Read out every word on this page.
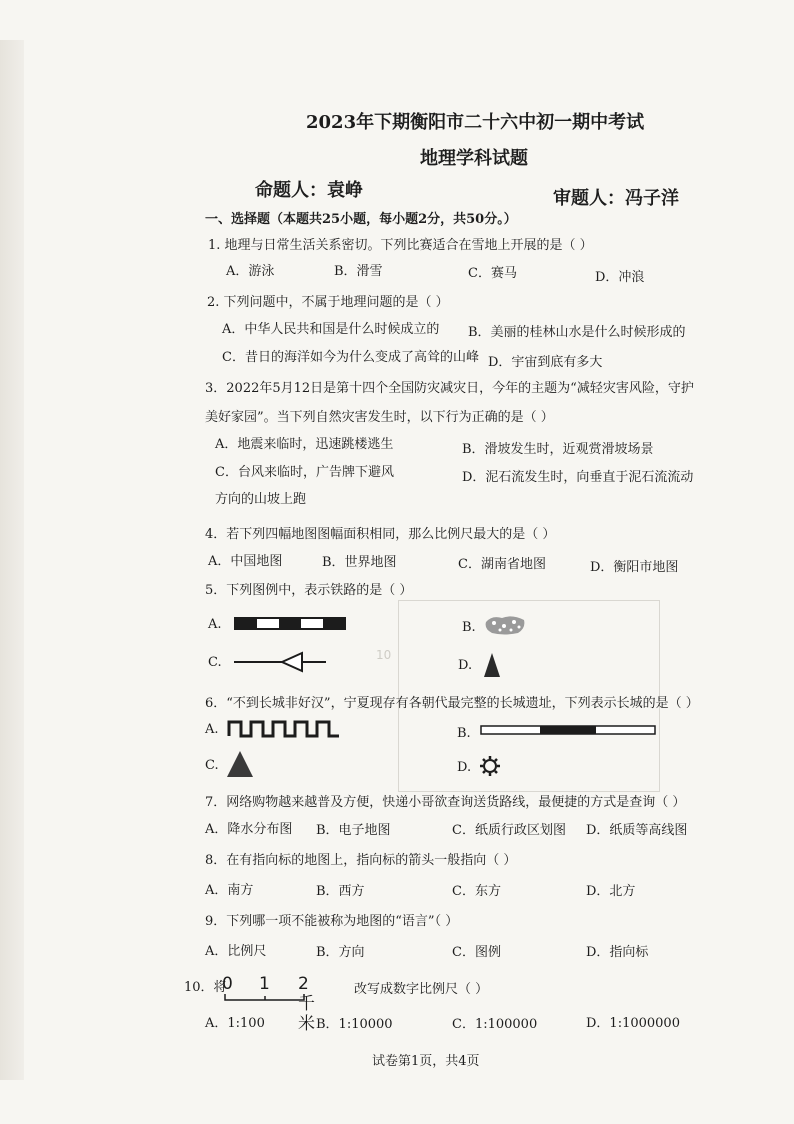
10
2023年下期衡阳市二十六中初一期中考试
地理学科试题
命题人：袁峥	审题人：冯子洋
一、选择题（本题共25小题，每小题2分，共50分。）
1. 地理与日常生活关系密切。下列比赛适合在雪地上开展的是（ ）
A．游泳	B．滑雪	C．赛马	D．冲浪
2. 下列问题中，不属于地理问题的是（ ）
A．中华人民共和国是什么时候成立的 B．美丽的桂林山水是什么时候形成的
C．昔日的海洋如今为什么变成了高耸的山峰 D．宇宙到底有多大
3．2022年5月12日是第十四个全国防灾减灾日，今年的主题为“减轻灾害风险，守护
美好家园”。当下列自然灾害发生时，以下行为正确的是（ ）
A．地震来临时，迅速跳楼逃生	B．滑坡发生时，近观赏滑坡场景
C．台风来临时，广告牌下避风	D．泥石流发生时，向垂直于泥石流流动
方向的山坡上跑
4．若下列四幅地图图幅面积相同，那么比例尺最大的是（ ）
A．中国地图	B．世界地图	C．湖南省地图	D．衡阳市地图
5．下列图例中，表示铁路的是（ ）
A.	B.
C.	D.
6．“不到长城非好汉”，宁夏现存有各朝代最完整的长城遗址，下列表示长城的是（ ）
A.	B.
C.	D.
7．网络购物越来越普及方便，快递小哥欲查询送货路线，最便捷的方式是查询（ ）
A．降水分布图 B．电子地图	C．纸质行政区划图 D．纸质等高线图
8．在有指向标的地图上，指向标的箭头一般指向（ ）
A．南方	B．西方	C．东方	D．北方
9．下列哪一项不能被称为地图的“语言”（ ）
A．比例尺	B．方向	C．图例	D．指向标
10．将
0 1 2千米
改写成数字比例尺（ ）
A．1:100	B．1:10000	C．1:100000	D．1:1000000
试卷第1页，共4页
